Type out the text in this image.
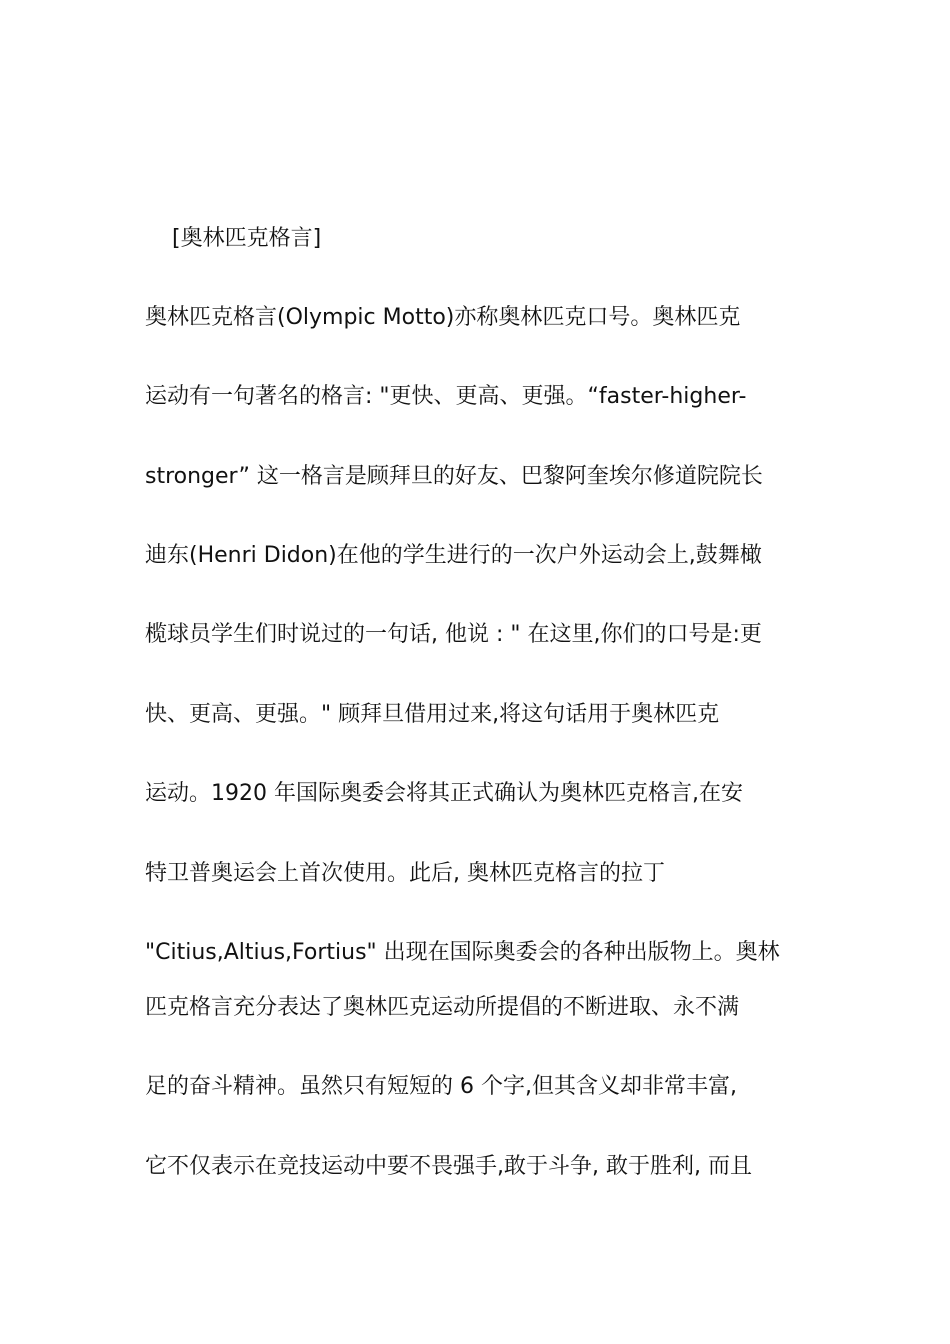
[奥林匹克格言]
奥林匹克格言(Olympic Motto)亦称奥林匹克口号。奥林匹克
运动有一句著名的格言: "更快、更高、更强。“faster-higher-
stronger” 这一格言是顾拜旦的好友、巴黎阿奎埃尔修道院院长
迪东(Henri Didon)在他的学生进行的一次户外运动会上,鼓舞橄
榄球员学生们时说过的一句话, 他说 : " 在这里,你们的口号是:更
快、更高、更强。" 顾拜旦借用过来,将这句话用于奥林匹克
运动。1920 年国际奥委会将其正式确认为奥林匹克格言,在安
特卫普奥运会上首次使用。此后, 奥林匹克格言的拉丁
"Citius,Altius,Fortius" 出现在国际奥委会的各种出版物上。奥林
匹克格言充分表达了奥林匹克运动所提倡的不断进取、永不满
足的奋斗精神。虽然只有短短的 6 个字,但其含义却非常丰富,
它不仅表示在竞技运动中要不畏强手,敢于斗争, 敢于胜利, 而且
